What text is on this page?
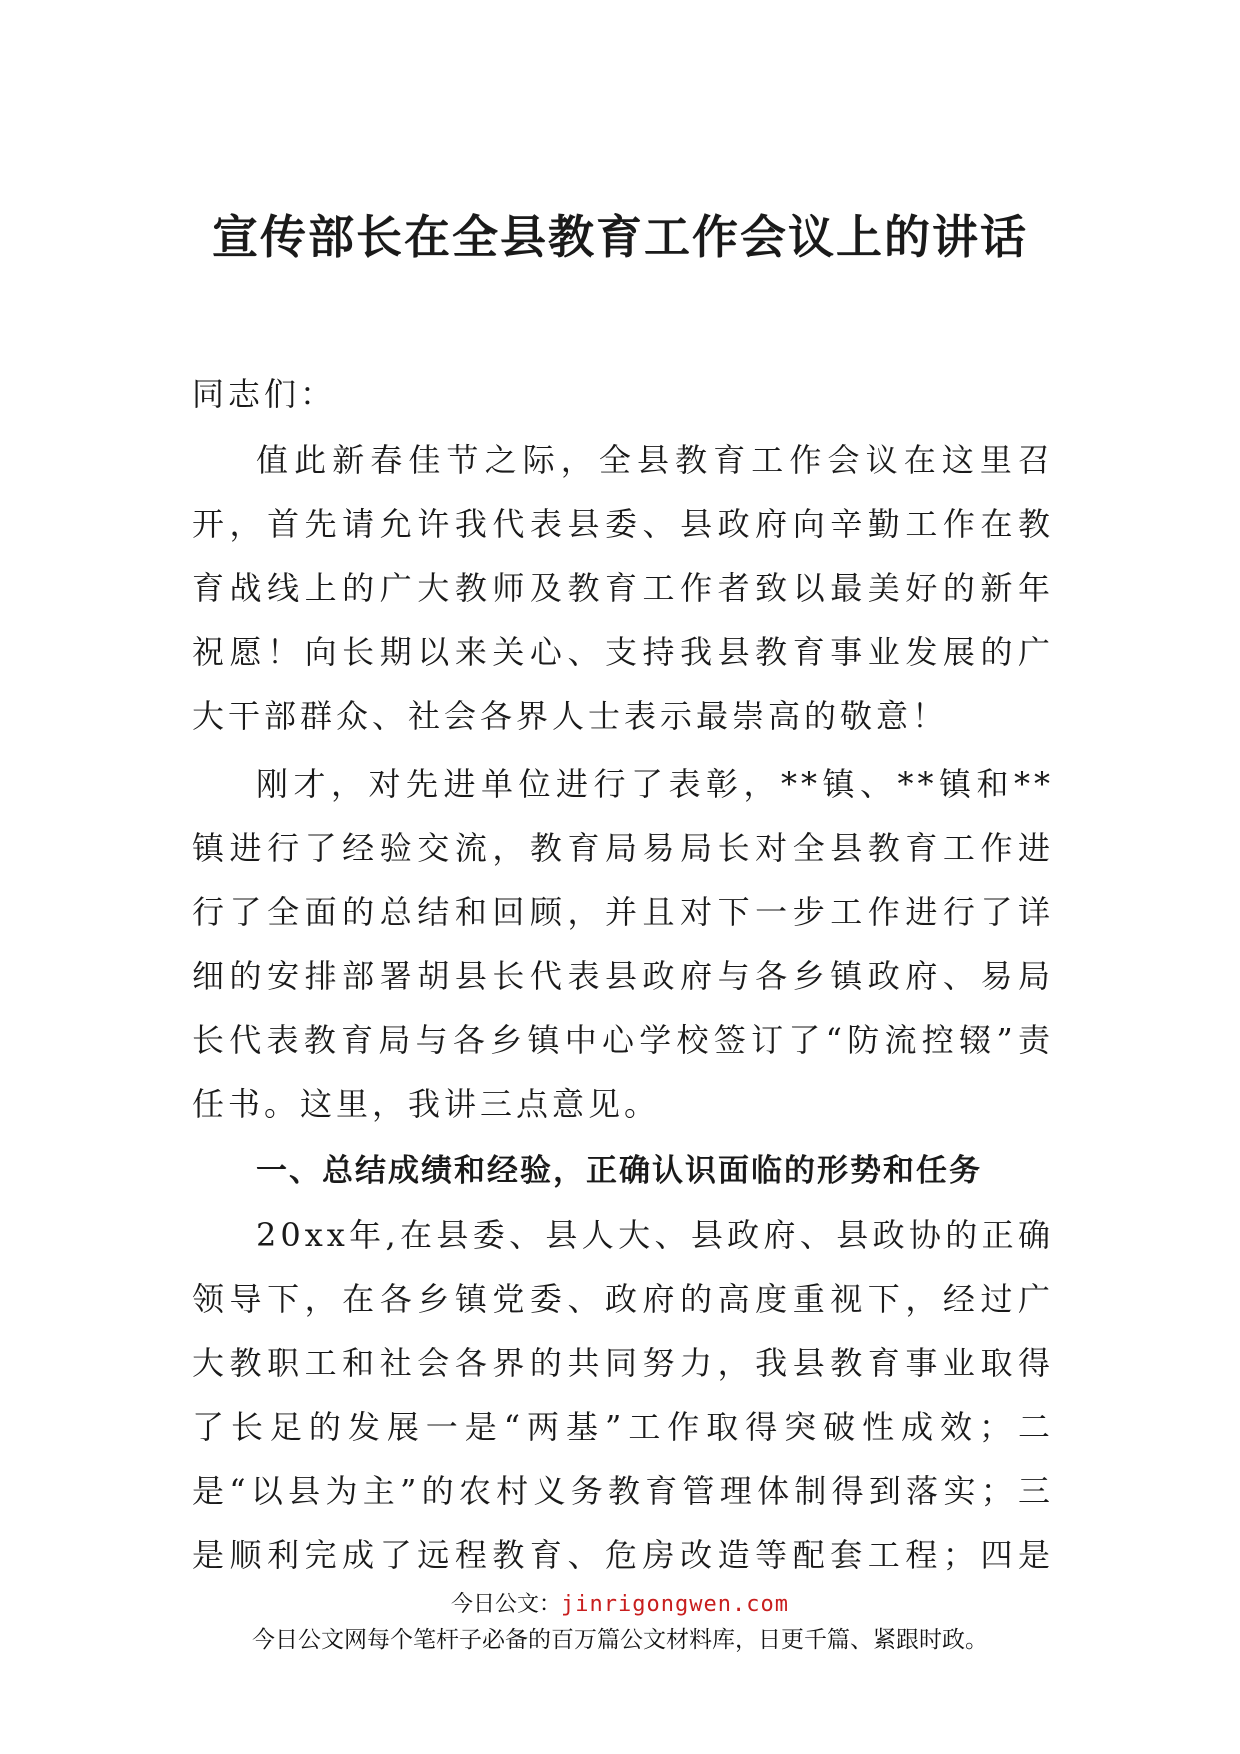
宣传部长在全县教育工作会议上的讲话

同志们：

值此新春佳节之际，全县教育工作会议在这里召开，首先请允许我代表县委、县政府向辛勤工作在教育战线上的广大教师及教育工作者致以最美好的新年祝愿！向长期以来关心、支持我县教育事业发展的广大干部群众、社会各界人士表示最崇高的敬意！

刚才，对先进单位进行了表彰，**镇、**镇和**镇进行了经验交流，教育局易局长对全县教育工作进行了全面的总结和回顾，并且对下一步工作进行了详细的安排部署胡县长代表县政府与各乡镇政府、易局长代表教育局与各乡镇中心学校签订了“防流控辍”责任书。这里，我讲三点意见。

一、总结成绩和经验，正确认识面临的形势和任务

20xx年,在县委、县人大、县政府、县政协的正确领导下，在各乡镇党委、政府的高度重视下，经过广大教职工和社会各界的共同努力，我县教育事业取得了长足的发展一是“两基”工作取得突破性成效；二是“以县为主”的农村义务教育管理体制得到落实；三是顺利完成了远程教育、危房改造等配套工程；四是

今日公文：jinrigongwen.com
今日公文网每个笔杆子必备的百万篇公文材料库，日更千篇、紧跟时政。
